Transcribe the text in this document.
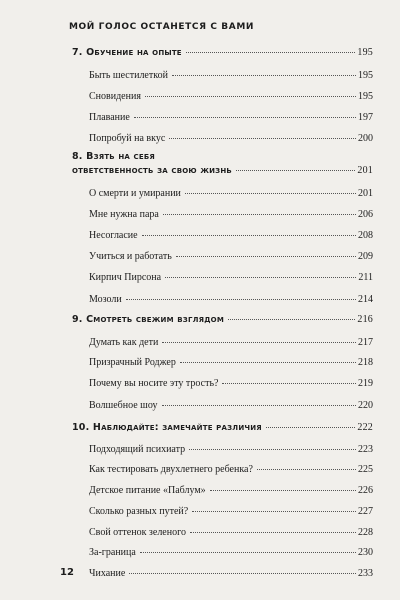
МОЙ ГОЛОС ОСТАНЕТСЯ С ВАМИ
7. Обучение на опыте	195
Быть шестилеткой	195
Сновидения	195
Плавание	197
Попробуй на вкус	200
8. Взять на себя
ответственность за свою жизнь	201
О смерти и умирании	201
Мне нужна пара	206
Несогласие	208
Учиться и работать	209
Кирпич Пирсона	211
Мозоли	214
9. Смотреть свежим взглядом	216
Думать как дети	217
Призрачный Роджер	218
Почему вы носите эту трость?	219
Волшебное шоу	220
10. Наблюдайте: замечайте различия	222
Подходящий психиатр	223
Как тестировать двухлетнего ребенка?	225
Детское питание «Паблум»	226
Сколько разных путей?	227
Свой оттенок зеленого	228
За-граница	230
Чихание	233
12
